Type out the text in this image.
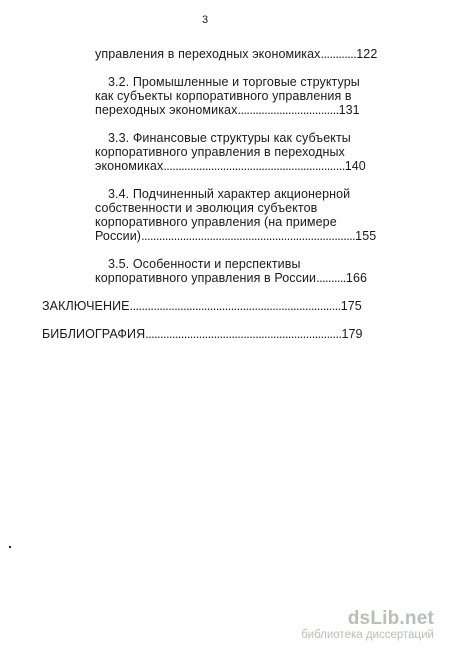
3
управления в переходных экономиках............122
3.2. Промышленные и торговые структуры
как субъекты корпоративного управления в
переходных экономиках..................................131
3.3. Финансовые структуры как субъекты
корпоративного управления в переходных
экономиках.............................................................140
3.4. Подчиненный характер акционерной
собственности и эволюция субъектов
корпоративного управления (на примере
России)........................................................................155
3.5. Особенности и перспективы
корпоративного управления в России..........166
ЗАКЛЮЧЕНИЕ.......................................................................175
БИБЛИОГРАФИЯ..................................................................179
dsLib.net
библиотека диссертаций
